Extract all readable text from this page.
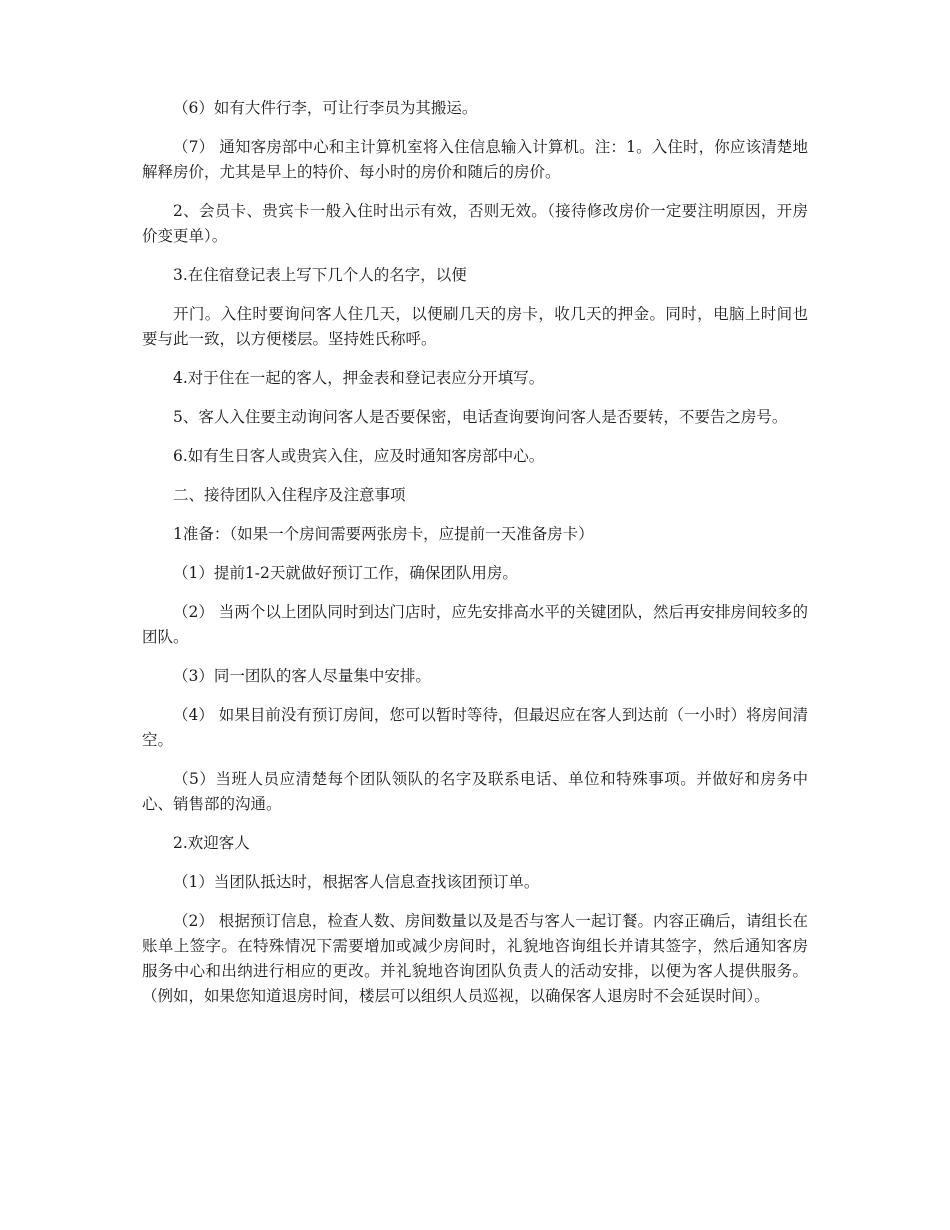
（6）如有大件行李，可让行李员为其搬运。

（7） 通知客房部中心和主计算机室将入住信息输入计算机。注：1。入住时，你应该清楚地解释房价，尤其是早上的特价、每小时的房价和随后的房价。

2、会员卡、贵宾卡一般入住时出示有效，否则无效。（接待修改房价一定要注明原因，开房价变更单）。

3.在住宿登记表上写下几个人的名字，以便

开门。入住时要询问客人住几天，以便刷几天的房卡，收几天的押金。同时，电脑上时间也要与此一致，以方便楼层。坚持姓氏称呼。

4.对于住在一起的客人，押金表和登记表应分开填写。

5、客人入住要主动询问客人是否要保密，电话查询要询问客人是否要转，不要告之房号。

6.如有生日客人或贵宾入住，应及时通知客房部中心。

二、接待团队入住程序及注意事项

1准备：（如果一个房间需要两张房卡，应提前一天准备房卡）

（1）提前1-2天就做好预订工作，确保团队用房。

（2） 当两个以上团队同时到达门店时，应先安排高水平的关键团队，然后再安排房间较多的团队。

（3）同一团队的客人尽量集中安排。

（4） 如果目前没有预订房间，您可以暂时等待，但最迟应在客人到达前（一小时）将房间清空。

（5）当班人员应清楚每个团队领队的名字及联系电话、单位和特殊事项。并做好和房务中心、销售部的沟通。

2.欢迎客人

（1）当团队抵达时，根据客人信息查找该团预订单。

（2） 根据预订信息，检查人数、房间数量以及是否与客人一起订餐。内容正确后，请组长在账单上签字。在特殊情况下需要增加或减少房间时，礼貌地咨询组长并请其签字，然后通知客房服务中心和出纳进行相应的更改。并礼貌地咨询团队负责人的活动安排，以便为客人提供服务。（例如，如果您知道退房时间，楼层可以组织人员巡视，以确保客人退房时不会延误时间）。
